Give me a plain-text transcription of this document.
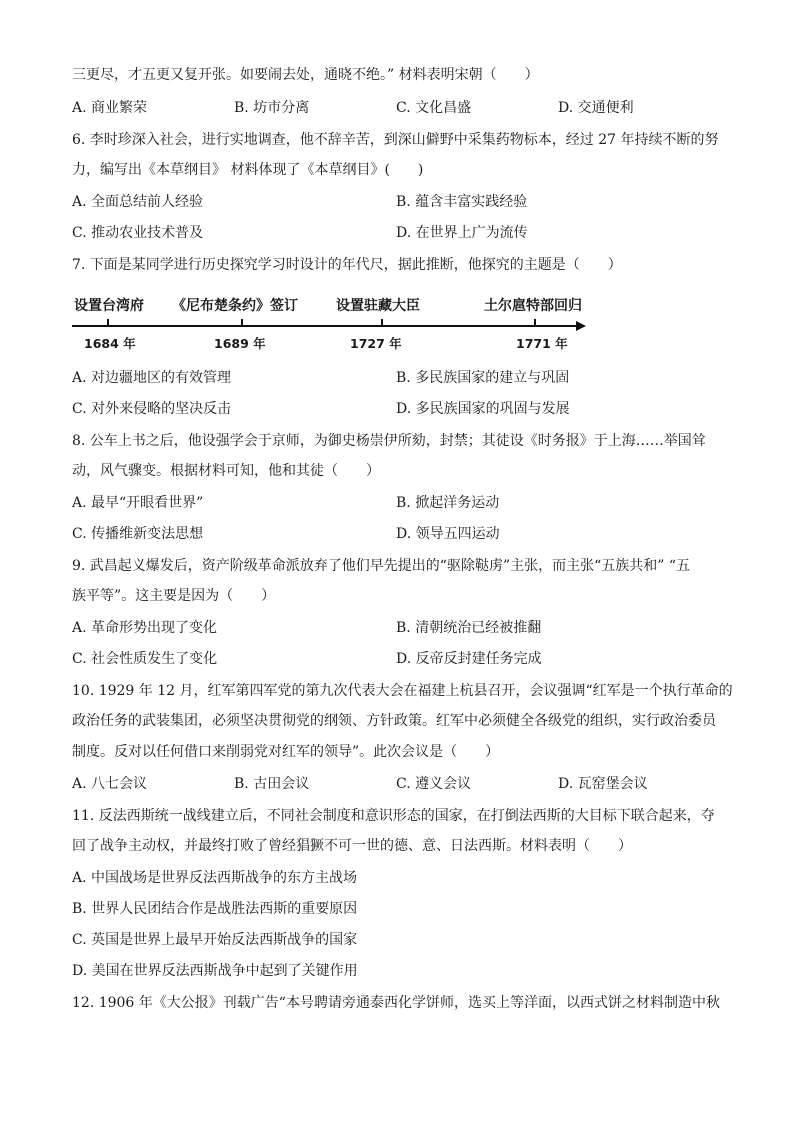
三更尽，才五更又复开张。如要闹去处，通晓不绝。” 材料表明宋朝（　　）
A. 商业繁荣	B. 坊市分离	C. 文化昌盛	D. 交通便利
6. 李时珍深入社会，进行实地调查，他不辞辛苦，到深山僻野中采集药物标本，经过 27 年持续不断的努
力，编写出《本草纲目》 材料体现了《本草纲目》(　　)
A. 全面总结前人经验	B. 蕴含丰富实践经验
C. 推动农业技术普及	D. 在世界上广为流传
7. 下面是某同学进行历史探究学习时设计的年代尺，据此推断，他探究的主题是（　　）
设置台湾府 《尼布楚条约》签订	设置驻藏大臣	土尔扈特部回归
1684 年	1689 年	1727 年	1771 年
A. 对边疆地区的有效管理	B. 多民族国家的建立与巩固
C. 对外来侵略的坚决反击	D. 多民族国家的巩固与发展
8. 公车上书之后，他设强学会于京师，为御史杨崇伊所劾，封禁；其徒设《时务报》于上海……举国耸
动，风气骤变。根据材料可知，他和其徒（　　）
A. 最早“开眼看世界”	B. 掀起洋务运动
C. 传播维新变法思想	D. 领导五四运动
9. 武昌起义爆发后，资产阶级革命派放弃了他们早先提出的“驱除鞑虏”主张，而主张“五族共和” “五
族平等”。这主要是因为（　　）
A. 革命形势出现了变化	B. 清朝统治已经被推翻
C. 社会性质发生了变化	D. 反帝反封建任务完成
10. 1929 年 12 月，红军第四军党的第九次代表大会在福建上杭县召开，会议强调“红军是一个执行革命的
政治任务的武装集团，必须坚决贯彻党的纲领、方针政策。红军中必须健全各级党的组织，实行政治委员
制度。反对以任何借口来削弱党对红军的领导”。此次会议是（　　）
A. 八七会议	B. 古田会议	C. 遵义会议	D. 瓦窑堡会议
11. 反法西斯统一战线建立后，不同社会制度和意识形态的国家，在打倒法西斯的大目标下联合起来，夺
回了战争主动权，并最终打败了曾经猖獗不可一世的德、意、日法西斯。材料表明（　　）
A. 中国战场是世界反法西斯战争的东方主战场
B. 世界人民团结合作是战胜法西斯的重要原因
C. 英国是世界上最早开始反法西斯战争的国家
D. 美国在世界反法西斯战争中起到了关键作用
12. 1906 年《大公报》刊载广告“本号聘请旁通泰西化学饼师，选买上等洋面，以西式饼之材料制造中秋
